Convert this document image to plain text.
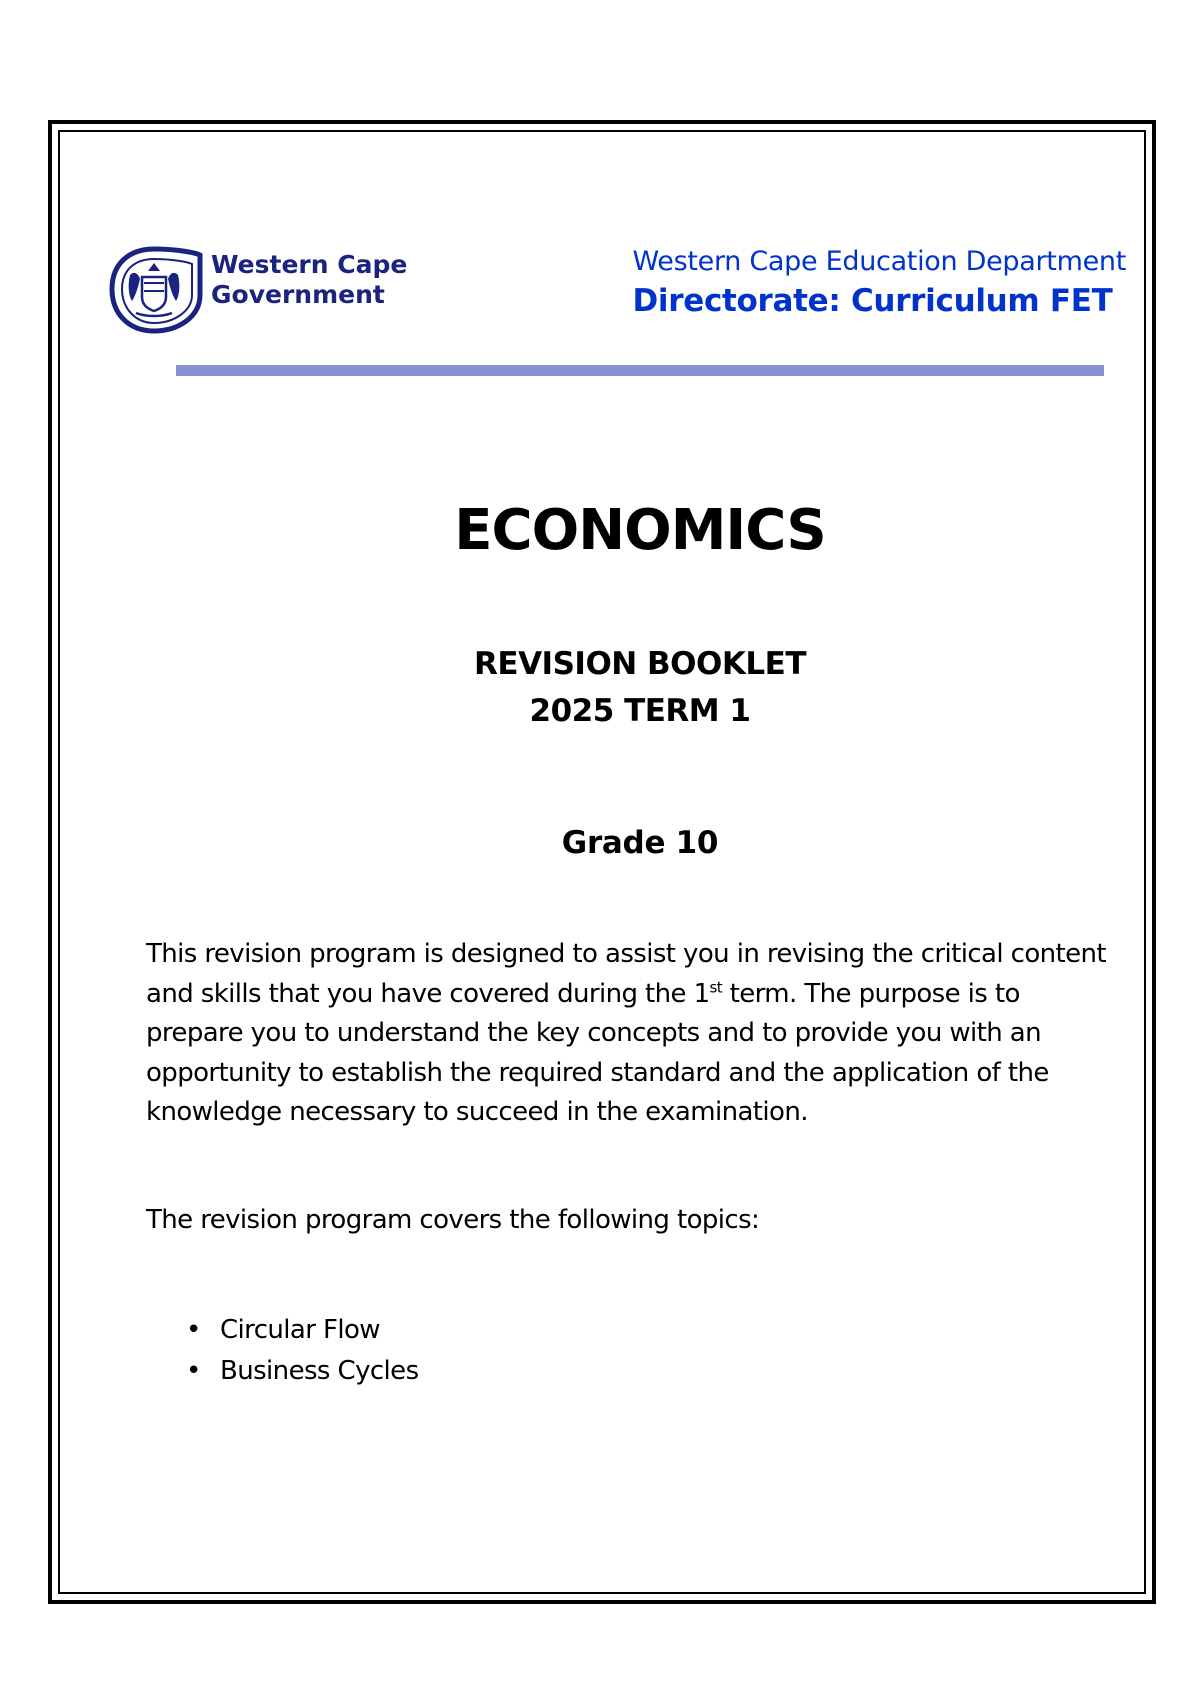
Western Cape
Government
Western Cape Education Department
Directorate: Curriculum FET
ECONOMICS
REVISION BOOKLET
2025 TERM 1
Grade 10

This revision program is designed to assist you in revising the critical content

and skills that you have covered during the 1st term. The purpose is to

prepare you to understand the key concepts and to provide you with an

opportunity to establish the required standard and the application of the

knowledge necessary to succeed in the examination.

The revision program covers the following topics:
• Circular Flow
• Business Cycles
